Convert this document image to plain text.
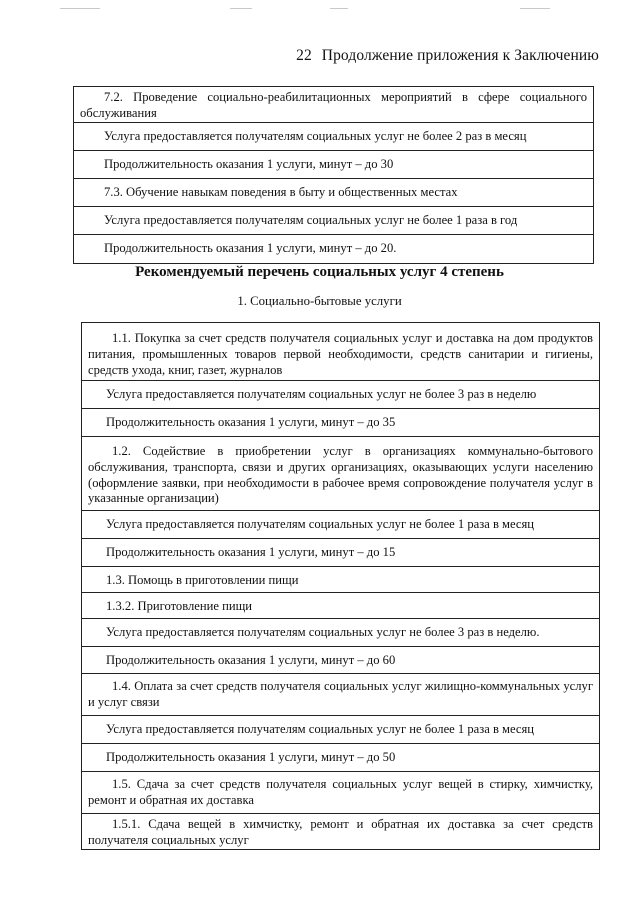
22 Продолжение приложения к Заключению
7.2. Проведение социально-реабилитационных мероприятий в сфере социального обслуживания
Услуга предоставляется получателям социальных услуг не более 2 раз в месяц
Продолжительность оказания 1 услуги, минут – до 30
7.3. Обучение навыкам поведения в быту и общественных местах
Услуга предоставляется получателям социальных услуг не более 1 раза в год
Продолжительность оказания 1 услуги, минут – до 20.
Рекомендуемый перечень социальных услуг 4 степень
1. Социально-бытовые услуги
1.1. Покупка за счет средств получателя социальных услуг и доставка на дом продуктов питания, промышленных товаров первой необходимости, средств санитарии и гигиены, средств ухода, книг, газет, журналов
Услуга предоставляется получателям социальных услуг не более 3 раз в неделю
Продолжительность оказания 1 услуги, минут – до 35
1.2. Содействие в приобретении услуг в организациях коммунально-бытового обслуживания, транспорта, связи и других организациях, оказывающих услуги населению (оформление заявки, при необходимости в рабочее время сопровождение получателя услуг в указанные организации)
Услуга предоставляется получателям социальных услуг не более 1 раза в месяц
Продолжительность оказания 1 услуги, минут – до 15
1.3. Помощь в приготовлении пищи
1.3.2. Приготовление пищи
Услуга предоставляется получателям социальных услуг не более 3 раз в неделю.
Продолжительность оказания 1 услуги, минут – до 60
1.4. Оплата за счет средств получателя социальных услуг жилищно-коммунальных услуг и услуг связи
Услуга предоставляется получателям социальных услуг не более 1 раза в месяц
Продолжительность оказания 1 услуги, минут – до 50
1.5. Сдача за счет средств получателя социальных услуг вещей в стирку, химчистку, ремонт и обратная их доставка
1.5.1. Сдача вещей в химчистку, ремонт и обратная их доставка за счет средств получателя социальных услуг
